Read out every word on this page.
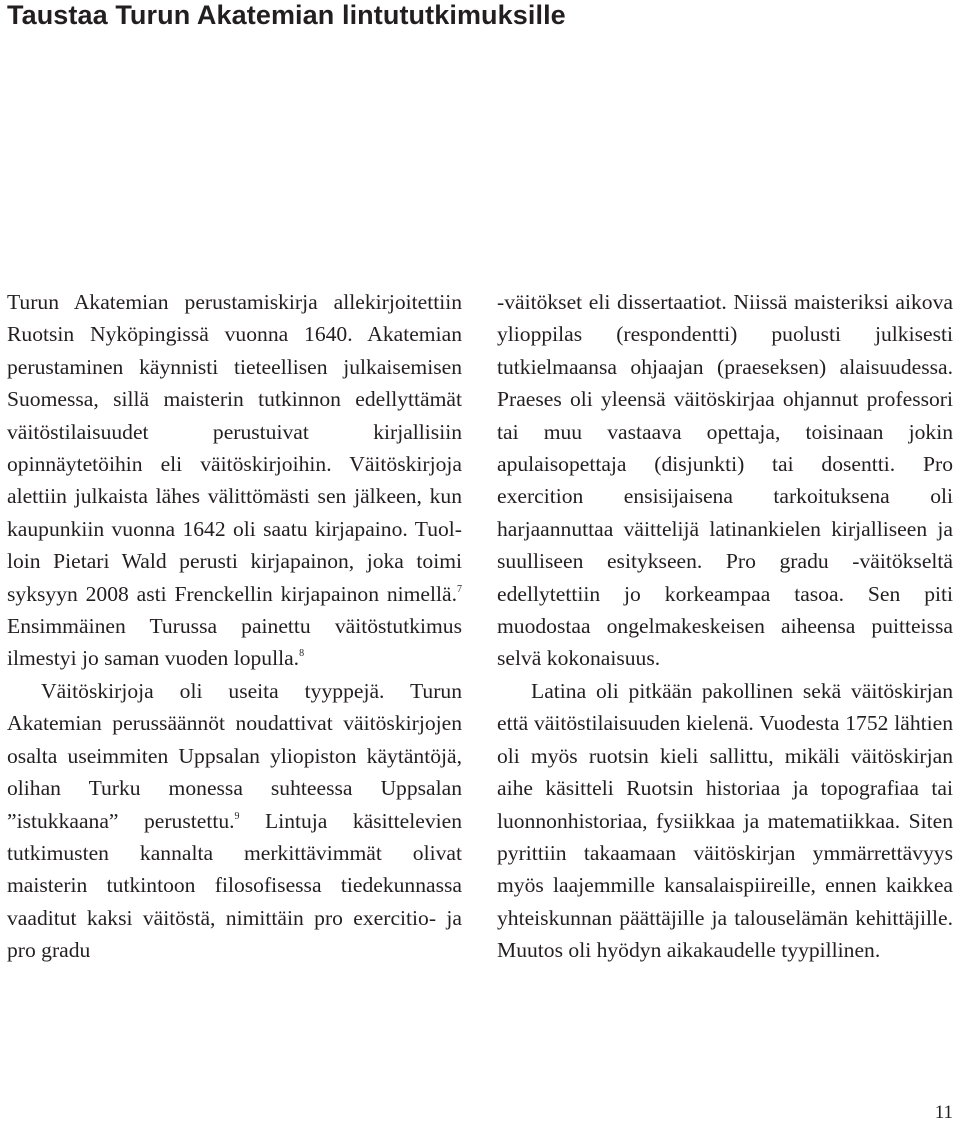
Taustaa Turun Akatemian lintututkimuksille

Turun Akatemian perustamiskirja allekirjoitettiin Ruotsin Nyköpingissä vuonna 1640. Akatemian perustaminen käynnisti tieteellisen julkaisemisen Suomessa, sillä maisterin tutkinnon edellyttämät väitöstilaisuudet perustuivat kirjallisiin opinnäytetöihin eli väitöskirjoihin. Väitöskirjoja alettiin julkaista lähes välittömästi sen jälkeen, kun kaupunkiin vuonna 1642 oli saatu kirjapaino. Tuolloin Pietari Wald perusti kirjapainon, joka toimi syksyyn 2008 asti Frenckellin kirjapainon nimellä.$^7$ Ensimmäinen Turussa painettu väitöstutkimus ilmestyi jo saman vuoden lopulla.$^8$

Väitöskirjoja oli useita tyyppejä. Turun Akatemian perussäännöt noudattivat väitöskirjojen osalta useimmiten Uppsalan yliopiston käytäntöjä, olihan Turku monessa suhteessa Uppsalan ”istukkaana” perustettu.$^9$ Lintuja käsittelevien tutkimusten kannalta merkittävimmät olivat maisterin tutkintoon filosofisessa tiedekunnassa vaaditut kaksi väitöstä, nimittäin pro exercitio- ja pro gradu

-väitökset eli dissertaatiot. Niissä maisteriksi aikova ylioppilas (respondentti) puolusti julkisesti tutkielmaansa ohjaajan (praeseksen) alaisuudessa. Praeses oli yleensä väitöskirjaa ohjannut professori tai muu vastaava opettaja, toisinaan jokin apulaisopettaja (disjunkti) tai dosentti. Pro exercition ensisijaisena tarkoituksena oli harjaannuttaa väittelijä latinankielen kirjalliseen ja suulliseen esitykseen. Pro gradu -väitökseltä edellytettiin jo korkeampaa tasoa. Sen piti muodostaa ongelmakeskeisen aiheensa puitteissa selvä kokonaisuus.

Latina oli pitkään pakollinen sekä väitöskirjan että väitöstilaisuuden kielenä. Vuodesta 1752 lähtien oli myös ruotsin kieli sallittu, mikäli väitöskirjan aihe käsitteli Ruotsin historiaa ja topografiaa tai luonnonhistoriaa, fysiikkaa ja matematiikkaa. Siten pyrittiin takaamaan väitöskirjan ymmärrettävyys myös laajemmille kansalaispiireille, ennen kaikkea yhteiskunnan päättäjille ja talouselämän kehittäjille. Muutos oli hyödyn aikakaudelle tyypillinen.

11
